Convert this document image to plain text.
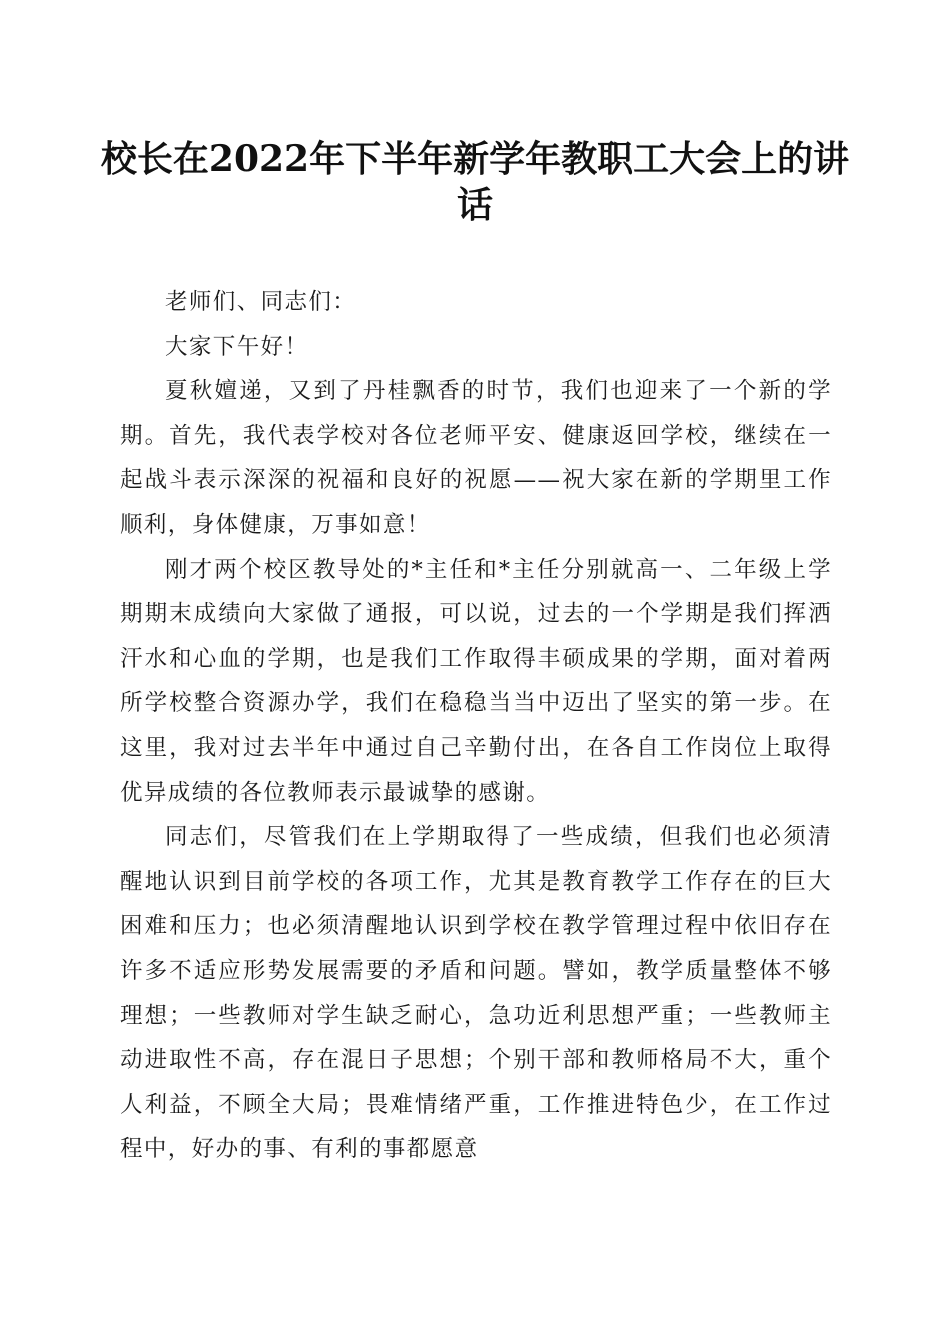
校长在2022年下半年新学年教职工大会上的讲话

老师们、同志们：

大家下午好！

夏秋嬗递，又到了丹桂飘香的时节，我们也迎来了一个新的学期。首先，我代表学校对各位老师平安、健康返回学校，继续在一起战斗表示深深的祝福和良好的祝愿——祝大家在新的学期里工作顺利，身体健康，万事如意！

刚才两个校区教导处的*主任和*主任分别就高一、二年级上学期期末成绩向大家做了通报，可以说，过去的一个学期是我们挥洒汗水和心血的学期，也是我们工作取得丰硕成果的学期，面对着两所学校整合资源办学，我们在稳稳当当中迈出了坚实的第一步。在这里，我对过去半年中通过自己辛勤付出，在各自工作岗位上取得优异成绩的各位教师表示最诚挚的感谢。

同志们，尽管我们在上学期取得了一些成绩，但我们也必须清醒地认识到目前学校的各项工作，尤其是教育教学工作存在的巨大困难和压力；也必须清醒地认识到学校在教学管理过程中依旧存在许多不适应形势发展需要的矛盾和问题。譬如，教学质量整体不够理想；一些教师对学生缺乏耐心，急功近利思想严重；一些教师主动进取性不高，存在混日子思想；个别干部和教师格局不大，重个人利益，不顾全大局；畏难情绪严重，工作推进特色少，在工作过程中，好办的事、有利的事都愿意
